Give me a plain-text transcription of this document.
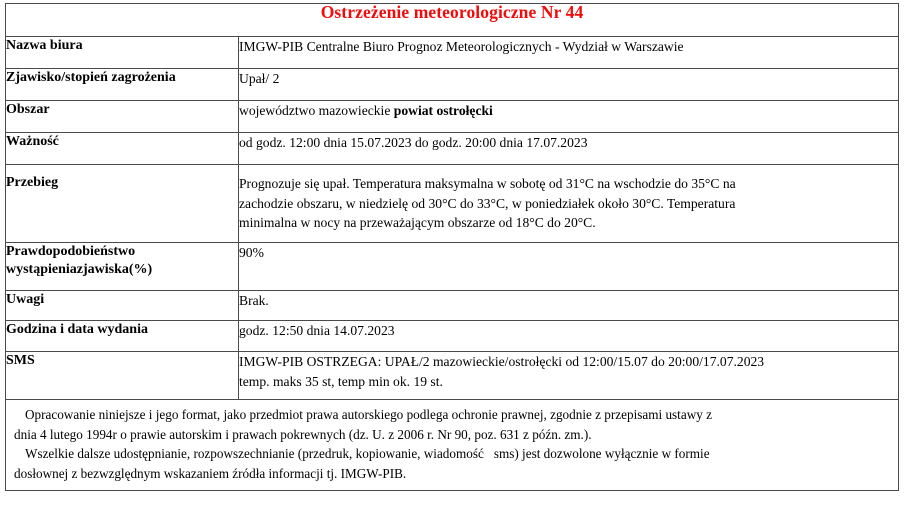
Ostrzeżenie meteorologiczne Nr 44	
Nazwa biura	IMGW-PIB Centralne Biuro Prognoz Meteorologicznych - Wydział w Warszawie
Zjawisko/stopień zagrożenia	Upał/ 2
Obszar	województwo mazowieckie powiat ostrołęcki
Ważność	od godz. 12:00 dnia 15.07.2023 do godz. 20:00 dnia 17.07.2023
Przebieg	Prognozuje się upał. Temperatura maksymalna w sobotę od 31°C na wschodzie do 35°C na
zachodzie obszaru, w niedzielę od 30°C do 33°C, w poniedziałek około 30°C. Temperatura
minimalna w nocy na przeważającym obszarze od 18°C do 20°C.

Prawdopodobieństwo
wystąpieniazjawiska(%)	90%
Uwagi	Brak.
Godzina i data wydania	godz. 12:50 dnia 14.07.2023
SMS	IMGW-PIB OSTRZEGA: UPAŁ/2 mazowieckie/ostrołęcki od 12:00/15.07 do 20:00/17.07.2023
temp. maks 35 st, temp min ok. 19 st.
Opracowanie niniejsze i jego format, jako przedmiot prawa autorskiego podlega ochronie prawnej, zgodnie z przepisami ustawy z
dnia 4 lutego 1994r o prawie autorskim i prawach pokrewnych (dz. U. z 2006 r. Nr 90, poz. 631 z późn. zm.).
Wszelkie dalsze udostępnianie, rozpowszechnianie (przedruk, kopiowanie, wiadomość sms) jest dozwolone wyłącznie w formie
dosłownej z bezwzględnym wskazaniem źródła informacji tj. IMGW-PIB.
